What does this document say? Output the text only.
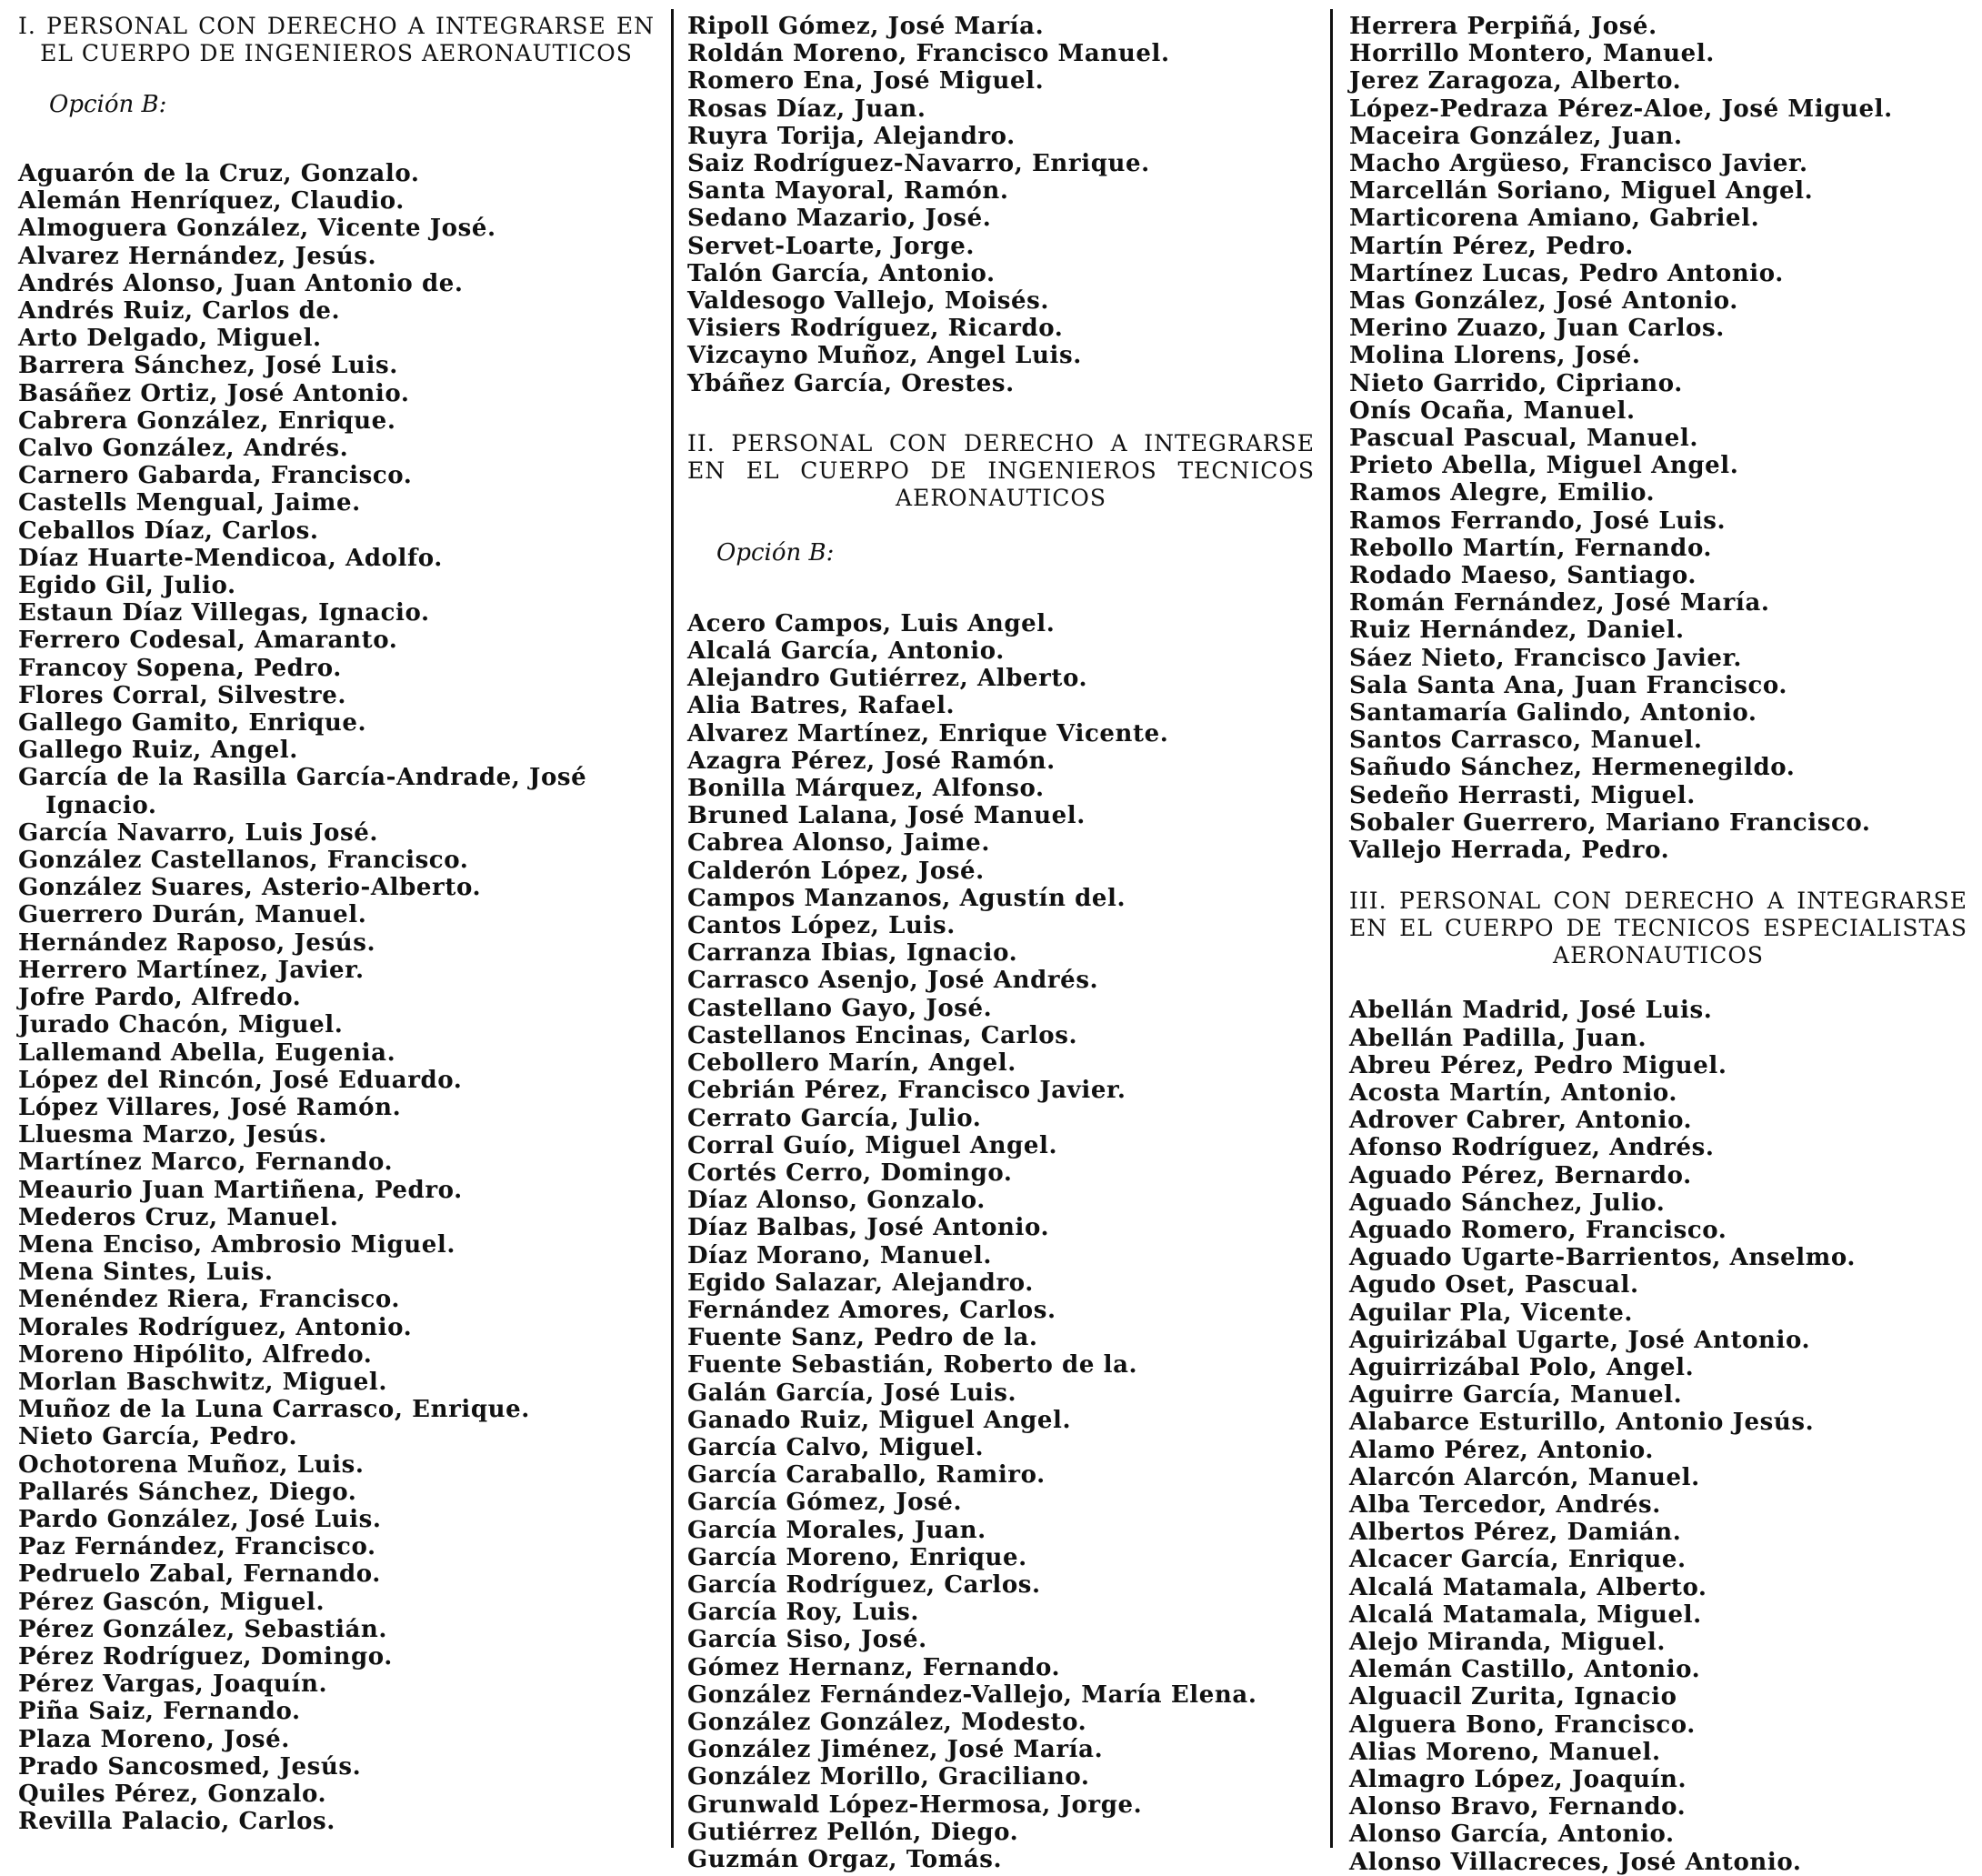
I. PERSONAL CON DERECHO A INTEGRARSE EN EL CUERPO DE INGENIEROS AERONAUTICOS

Opción B:

Aguarón de la Cruz, Gonzalo.
Alemán Henríquez, Claudio.
Almoguera González, Vicente José.
Alvarez Hernández, Jesús.
Andrés Alonso, Juan Antonio de.
Andrés Ruiz, Carlos de.
Arto Delgado, Miguel.
Barrera Sánchez, José Luis.
Basáñez Ortiz, José Antonio.
Cabrera González, Enrique.
Calvo González, Andrés.
Carnero Gabarda, Francisco.
Castells Mengual, Jaime.
Ceballos Díaz, Carlos.
Díaz Huarte-Mendicoa, Adolfo.
Egido Gil, Julio.
Estaun Díaz Villegas, Ignacio.
Ferrero Codesal, Amaranto.
Francoy Sopena, Pedro.
Flores Corral, Silvestre.
Gallego Gamito, Enrique.
Gallego Ruiz, Angel.
García de la Rasilla García-Andrade, José Ignacio.
García Navarro, Luis José.
González Castellanos, Francisco.
González Suares, Asterio-Alberto.
Guerrero Durán, Manuel.
Hernández Raposo, Jesús.
Herrero Martínez, Javier.
Jofre Pardo, Alfredo.
Jurado Chacón, Miguel.
Lallemand Abella, Eugenia.
López del Rincón, José Eduardo.
López Villares, José Ramón.
Lluesma Marzo, Jesús.
Martínez Marco, Fernando.
Meaurio Juan Martiñena, Pedro.
Mederos Cruz, Manuel.
Mena Enciso, Ambrosio Miguel.
Mena Sintes, Luis.
Menéndez Riera, Francisco.
Morales Rodríguez, Antonio.
Moreno Hipólito, Alfredo.
Morlan Baschwitz, Miguel.
Muñoz de la Luna Carrasco, Enrique.
Nieto García, Pedro.
Ochotorena Muñoz, Luis.
Pallarés Sánchez, Diego.
Pardo González, José Luis.
Paz Fernández, Francisco.
Pedruelo Zabal, Fernando.
Pérez Gascón, Miguel.
Pérez González, Sebastián.
Pérez Rodríguez, Domingo.
Pérez Vargas, Joaquín.
Piña Saiz, Fernando.
Plaza Moreno, José.
Prado Sancosmed, Jesús.
Quiles Pérez, Gonzalo.
Revilla Palacio, Carlos.
Ripoll Gómez, José María.
Roldán Moreno, Francisco Manuel.
Romero Ena, José Miguel.
Rosas Díaz, Juan.
Ruyra Torija, Alejandro.
Saiz Rodríguez-Navarro, Enrique.
Santa Mayoral, Ramón.
Sedano Mazario, José.
Servet-Loarte, Jorge.
Talón García, Antonio.
Valdesogo Vallejo, Moisés.
Visiers Rodríguez, Ricardo.
Vizcayno Muñoz, Angel Luis.
Ybáñez García, Orestes.

II. PERSONAL CON DERECHO A INTEGRARSE EN EL CUERPO DE INGENIEROS TECNICOS AERONAUTICOS

Opción B:

Acero Campos, Luis Angel.
Alcalá García, Antonio.
Alejandro Gutiérrez, Alberto.
Alia Batres, Rafael.
Alvarez Martínez, Enrique Vicente.
Azagra Pérez, José Ramón.
Bonilla Márquez, Alfonso.
Bruned Lalana, José Manuel.
Cabrea Alonso, Jaime.
Calderón López, José.
Campos Manzanos, Agustín del.
Cantos López, Luis.
Carranza Ibias, Ignacio.
Carrasco Asenjo, José Andrés.
Castellano Gayo, José.
Castellanos Encinas, Carlos.
Cebollero Marín, Angel.
Cebrián Pérez, Francisco Javier.
Cerrato García, Julio.
Corral Guío, Miguel Angel.
Cortés Cerro, Domingo.
Díaz Alonso, Gonzalo.
Díaz Balbas, José Antonio.
Díaz Morano, Manuel.
Egido Salazar, Alejandro.
Fernández Amores, Carlos.
Fuente Sanz, Pedro de la.
Fuente Sebastián, Roberto de la.
Galán García, José Luis.
Ganado Ruiz, Miguel Angel.
García Calvo, Miguel.
García Caraballo, Ramiro.
García Gómez, José.
García Morales, Juan.
García Moreno, Enrique.
García Rodríguez, Carlos.
García Roy, Luis.
García Siso, José.
Gómez Hernanz, Fernando.
González Fernández-Vallejo, María Elena.
González González, Modesto.
González Jiménez, José María.
González Morillo, Graciliano.
Grunwald López-Hermosa, Jorge.
Gutiérrez Pellón, Diego.
Guzmán Orgaz, Tomás.
Herrera Perpiñá, José.
Horrillo Montero, Manuel.
Jerez Zaragoza, Alberto.
López-Pedraza Pérez-Aloe, José Miguel.
Maceira González, Juan.
Macho Argüeso, Francisco Javier.
Marcellán Soriano, Miguel Angel.
Marticorena Amiano, Gabriel.
Martín Pérez, Pedro.
Martínez Lucas, Pedro Antonio.
Mas González, José Antonio.
Merino Zuazo, Juan Carlos.
Molina Llorens, José.
Nieto Garrido, Cipriano.
Onís Ocaña, Manuel.
Pascual Pascual, Manuel.
Prieto Abella, Miguel Angel.
Ramos Alegre, Emilio.
Ramos Ferrando, José Luis.
Rebollo Martín, Fernando.
Rodado Maeso, Santiago.
Román Fernández, José María.
Ruiz Hernández, Daniel.
Sáez Nieto, Francisco Javier.
Sala Santa Ana, Juan Francisco.
Santamaría Galindo, Antonio.
Santos Carrasco, Manuel.
Sañudo Sánchez, Hermenegildo.
Sedeño Herrasti, Miguel.
Sobaler Guerrero, Mariano Francisco.
Vallejo Herrada, Pedro.

III. PERSONAL CON DERECHO A INTEGRARSE EN EL CUERPO DE TECNICOS ESPECIALISTAS AERONAUTICOS

Abellán Madrid, José Luis.
Abellán Padilla, Juan.
Abreu Pérez, Pedro Miguel.
Acosta Martín, Antonio.
Adrover Cabrer, Antonio.
Afonso Rodríguez, Andrés.
Aguado Pérez, Bernardo.
Aguado Sánchez, Julio.
Aguado Romero, Francisco.
Aguado Ugarte-Barrientos, Anselmo.
Agudo Oset, Pascual.
Aguilar Pla, Vicente.
Aguirizábal Ugarte, José Antonio.
Aguirrizábal Polo, Angel.
Aguirre García, Manuel.
Alabarce Esturillo, Antonio Jesús.
Alamo Pérez, Antonio.
Alarcón Alarcón, Manuel.
Alba Tercedor, Andrés.
Albertos Pérez, Damián.
Alcacer García, Enrique.
Alcalá Matamala, Alberto.
Alcalá Matamala, Miguel.
Alejo Miranda, Miguel.
Alemán Castillo, Antonio.
Alguacil Zurita, Ignacio
Alguera Bono, Francisco.
Alias Moreno, Manuel.
Almagro López, Joaquín.
Alonso Bravo, Fernando.
Alonso García, Antonio.
Alonso Villacreces, José Antonio.
